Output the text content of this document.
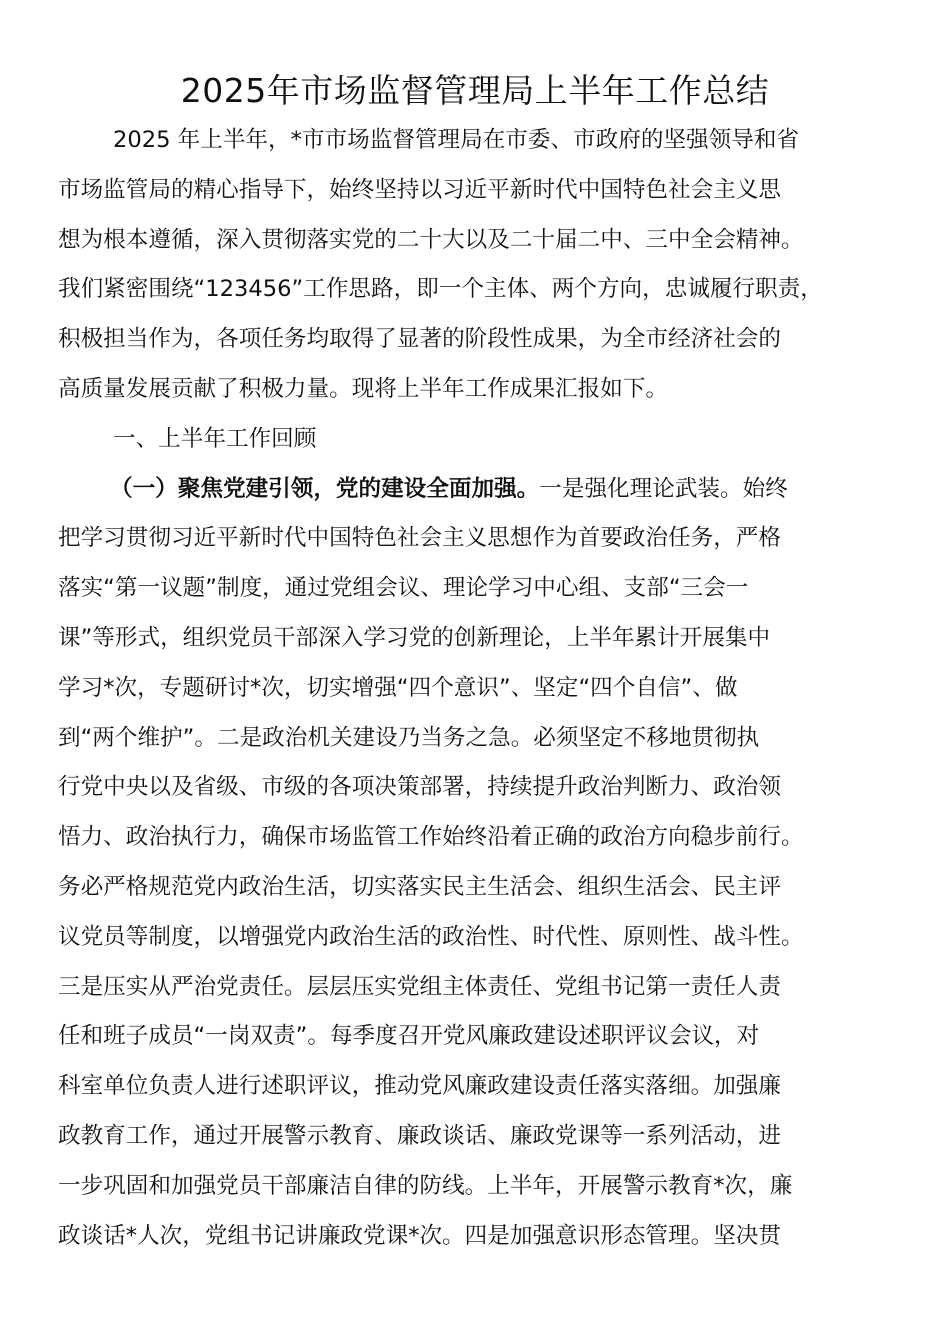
2025年市场监督管理局上半年工作总结
2025 年上半年，*市市场监督管理局在市委、市政府的坚强领导和省
市场监管局的精心指导下，始终坚持以习近平新时代中国特色社会主义思
想为根本遵循，深入贯彻落实党的二十大以及二十届二中、三中全会精神。
我们紧密围绕“123456”工作思路，即一个主体、两个方向，忠诚履行职责，
积极担当作为，各项任务均取得了显著的阶段性成果，为全市经济社会的
高质量发展贡献了积极力量。现将上半年工作成果汇报如下。
一、上半年工作回顾
（一）聚焦党建引领，党的建设全面加强。一是强化理论武装。始终
把学习贯彻习近平新时代中国特色社会主义思想作为首要政治任务，严格
落实“第一议题”制度，通过党组会议、理论学习中心组、支部“三会一
课”等形式，组织党员干部深入学习党的创新理论，上半年累计开展集中
学习*次，专题研讨*次，切实增强“四个意识”、坚定“四个自信”、做
到“两个维护”。二是政治机关建设乃当务之急。必须坚定不移地贯彻执
行党中央以及省级、市级的各项决策部署，持续提升政治判断力、政治领
悟力、政治执行力，确保市场监管工作始终沿着正确的政治方向稳步前行。
务必严格规范党内政治生活，切实落实民主生活会、组织生活会、民主评
议党员等制度，以增强党内政治生活的政治性、时代性、原则性、战斗性。
三是压实从严治党责任。层层压实党组主体责任、党组书记第一责任人责
任和班子成员“一岗双责”。每季度召开党风廉政建设述职评议会议，对
科室单位负责人进行述职评议，推动党风廉政建设责任落实落细。加强廉
政教育工作，通过开展警示教育、廉政谈话、廉政党课等一系列活动，进
一步巩固和加强党员干部廉洁自律的防线。上半年，开展警示教育*次，廉
政谈话*人次，党组书记讲廉政党课*次。四是加强意识形态管理。坚决贯
